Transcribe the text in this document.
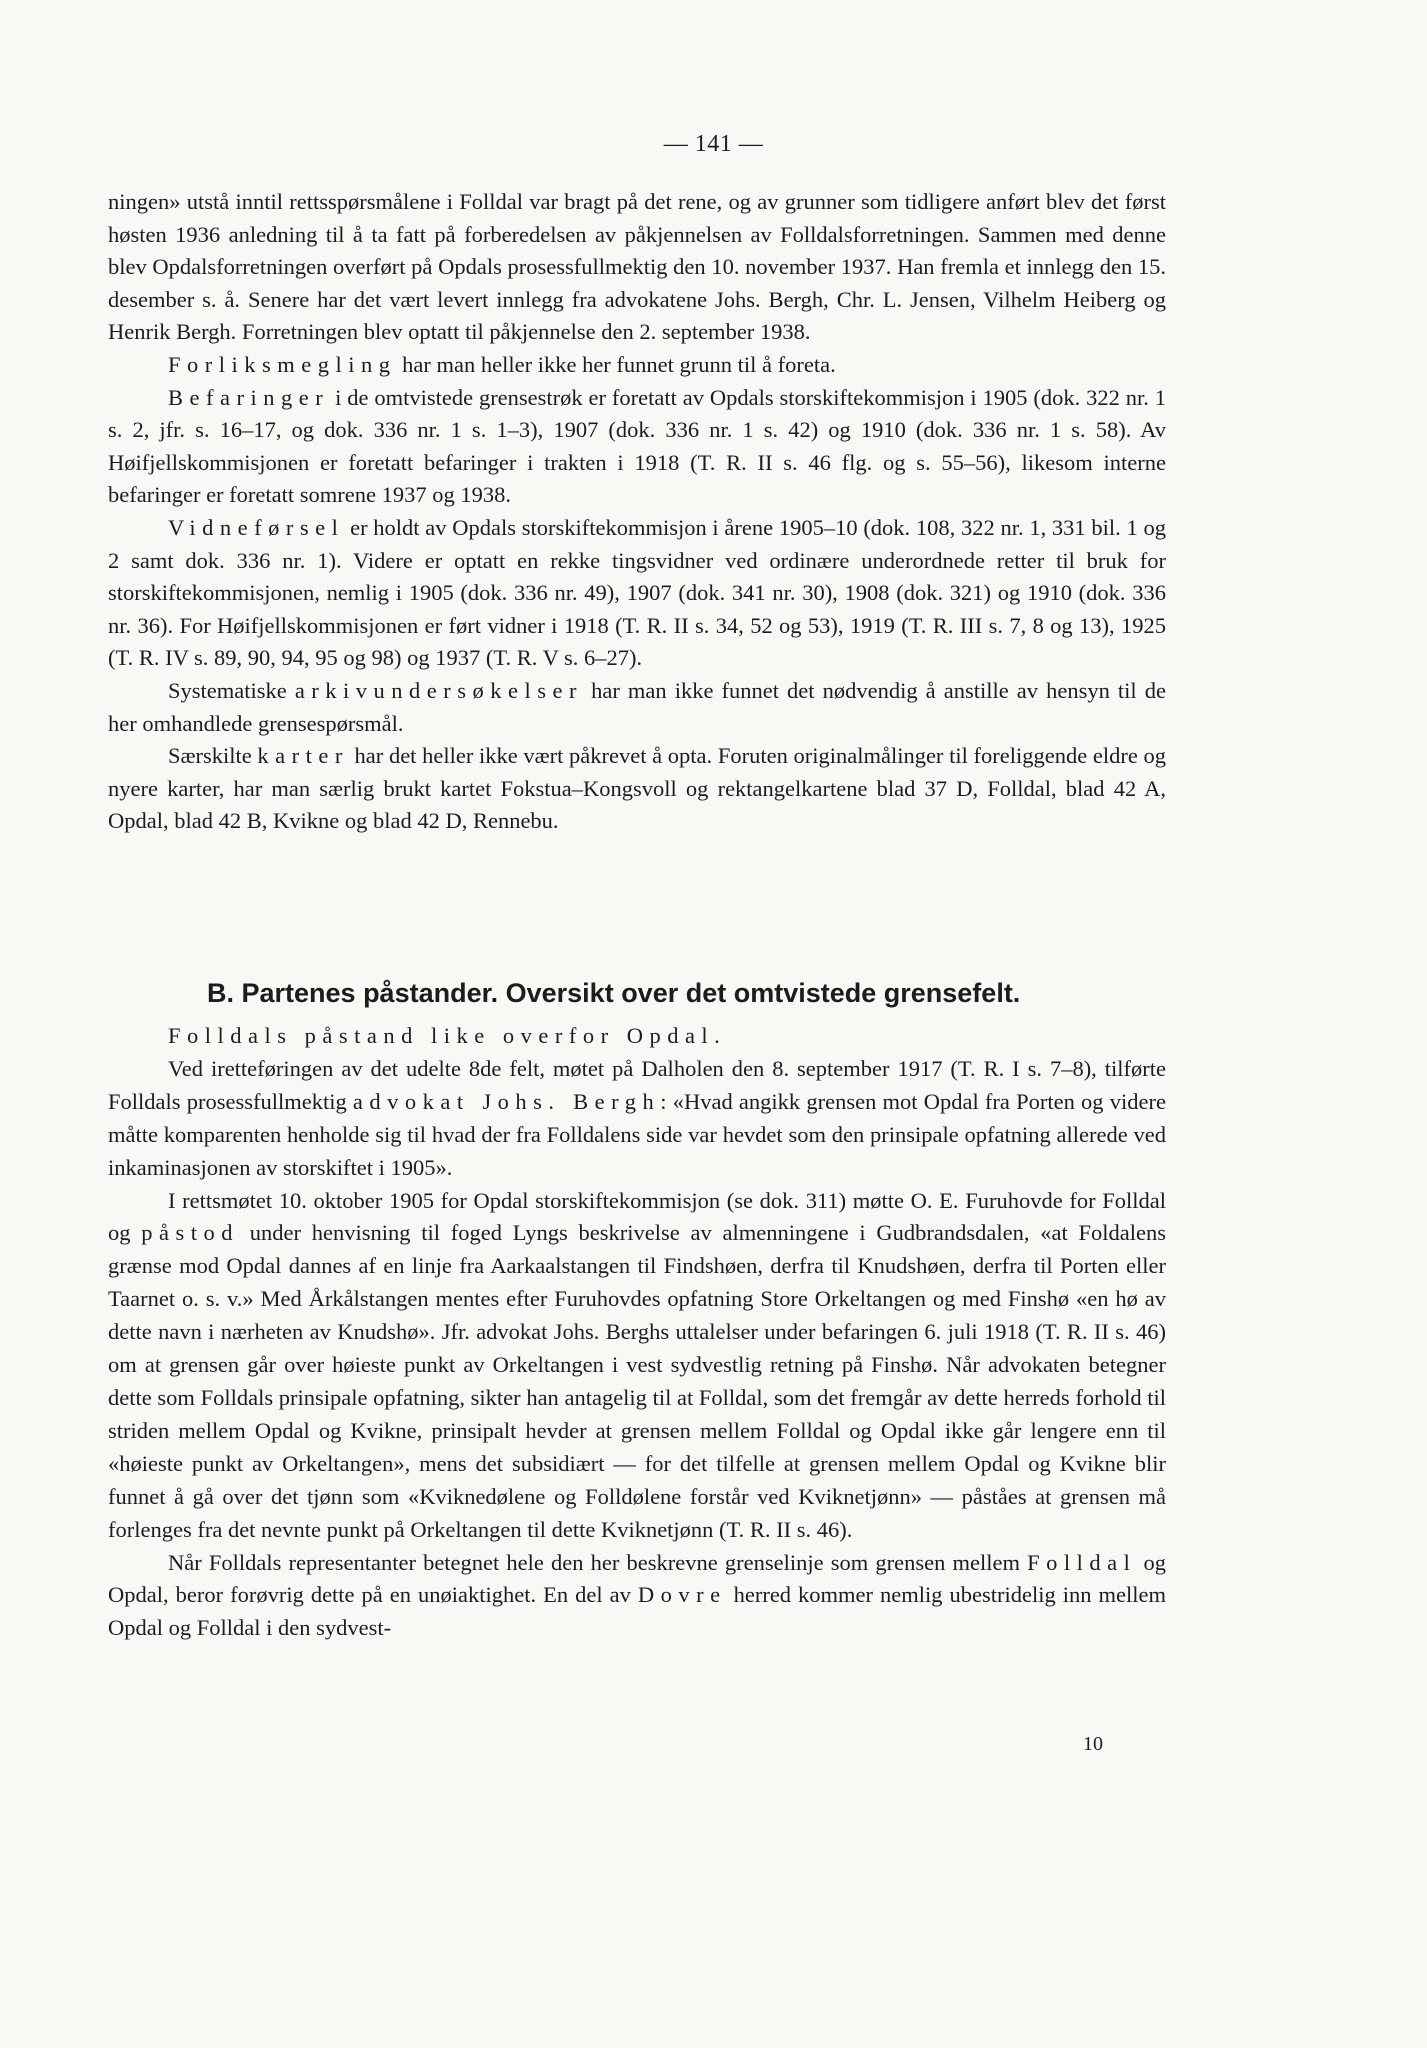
— 141 —

ningen» utstå inntil rettsspørsmålene i Folldal var bragt på det rene, og av grunner som tidligere anført blev det først høsten 1936 anledning til å ta fatt på forberedelsen av påkjennelsen av Folldalsforretningen. Sammen med denne blev Opdalsforretningen overført på Opdals prosessfullmektig den 10. november 1937. Han fremla et innlegg den 15. desember s. å. Senere har det vært levert innlegg fra advokatene Johs. Bergh, Chr. L. Jensen, Vilhelm Heiberg og Henrik Bergh. Forretningen blev optatt til påkjennelse den 2. september 1938.

Forliksmegling har man heller ikke her funnet grunn til å foreta.

Befaringer i de omtvistede grensestrøk er foretatt av Opdals storskiftekommisjon i 1905 (dok. 322 nr. 1 s. 2, jfr. s. 16–17, og dok. 336 nr. 1 s. 1–3), 1907 (dok. 336 nr. 1 s. 42) og 1910 (dok. 336 nr. 1 s. 58). Av Høifjellskommisjonen er foretatt befaringer i trakten i 1918 (T. R. II s. 46 flg. og s. 55–56), likesom interne befaringer er foretatt somrene 1937 og 1938.

Vidneførsel er holdt av Opdals storskiftekommisjon i årene 1905–10 (dok. 108, 322 nr. 1, 331 bil. 1 og 2 samt dok. 336 nr. 1). Videre er optatt en rekke tingsvidner ved ordinære underordnede retter til bruk for storskiftekommisjonen, nemlig i 1905 (dok. 336 nr. 49), 1907 (dok. 341 nr. 30), 1908 (dok. 321) og 1910 (dok. 336 nr. 36). For Høifjellskommisjonen er ført vidner i 1918 (T. R. II s. 34, 52 og 53), 1919 (T. R. III s. 7, 8 og 13), 1925 (T. R. IV s. 89, 90, 94, 95 og 98) og 1937 (T. R. V s. 6–27).

Systematiske arkivundersøkelser har man ikke funnet det nødvendig å anstille av hensyn til de her omhandlede grensespørsmål.

Særskilte karter har det heller ikke vært påkrevet å opta. Foruten originalmålinger til foreliggende eldre og nyere karter, har man særlig brukt kartet Fokstua–Kongsvoll og rektangelkartene blad 37 D, Folldal, blad 42 A, Opdal, blad 42 B, Kvikne og blad 42 D, Rennebu.

B. Partenes påstander. Oversikt over det omtvistede grensefelt.

Folldals påstand like overfor Opdal.

Ved iretteføringen av det udelte 8de felt, møtet på Dalholen den 8. september 1917 (T. R. I s. 7–8), tilførte Folldals prosessfullmektig advokat Johs. Bergh: «Hvad angikk grensen mot Opdal fra Porten og videre måtte komparenten henholde sig til hvad der fra Folldalens side var hevdet som den prinsipale opfatning allerede ved inkaminasjonen av storskiftet i 1905».

I rettsmøtet 10. oktober 1905 for Opdal storskiftekommisjon (se dok. 311) møtte O. E. Furuhovde for Folldal og påstod under henvisning til foged Lyngs beskrivelse av almenningene i Gudbrandsdalen, «at Foldalens grænse mod Opdal dannes af en linje fra Aarkaalstangen til Findshøen, derfra til Knudshøen, derfra til Porten eller Taarnet o. s. v.» Med Årkålstangen mentes efter Furuhovdes opfatning Store Orkeltangen og med Finshø «en hø av dette navn i nærheten av Knudshø». Jfr. advokat Johs. Berghs uttalelser under befaringen 6. juli 1918 (T. R. II s. 46) om at grensen går over høieste punkt av Orkeltangen i vest sydvestlig retning på Finshø. Når advokaten betegner dette som Folldals prinsipale opfatning, sikter han antagelig til at Folldal, som det fremgår av dette herreds forhold til striden mellem Opdal og Kvikne, prinsipalt hevder at grensen mellem Folldal og Opdal ikke går lengere enn til «høieste punkt av Orkeltangen», mens det subsidiært — for det tilfelle at grensen mellem Opdal og Kvikne blir funnet å gå over det tjønn som «Kviknedølene og Folldølene forstår ved Kviknetjønn» — påståes at grensen må forlenges fra det nevnte punkt på Orkeltangen til dette Kviknetjønn (T. R. II s. 46).

Når Folldals representanter betegnet hele den her beskrevne grenselinje som grensen mellem Folldal og Opdal, beror forøvrig dette på en unøiaktighet. En del av Dovre herred kommer nemlig ubestridelig inn mellem Opdal og Folldal i den sydvest-

10
